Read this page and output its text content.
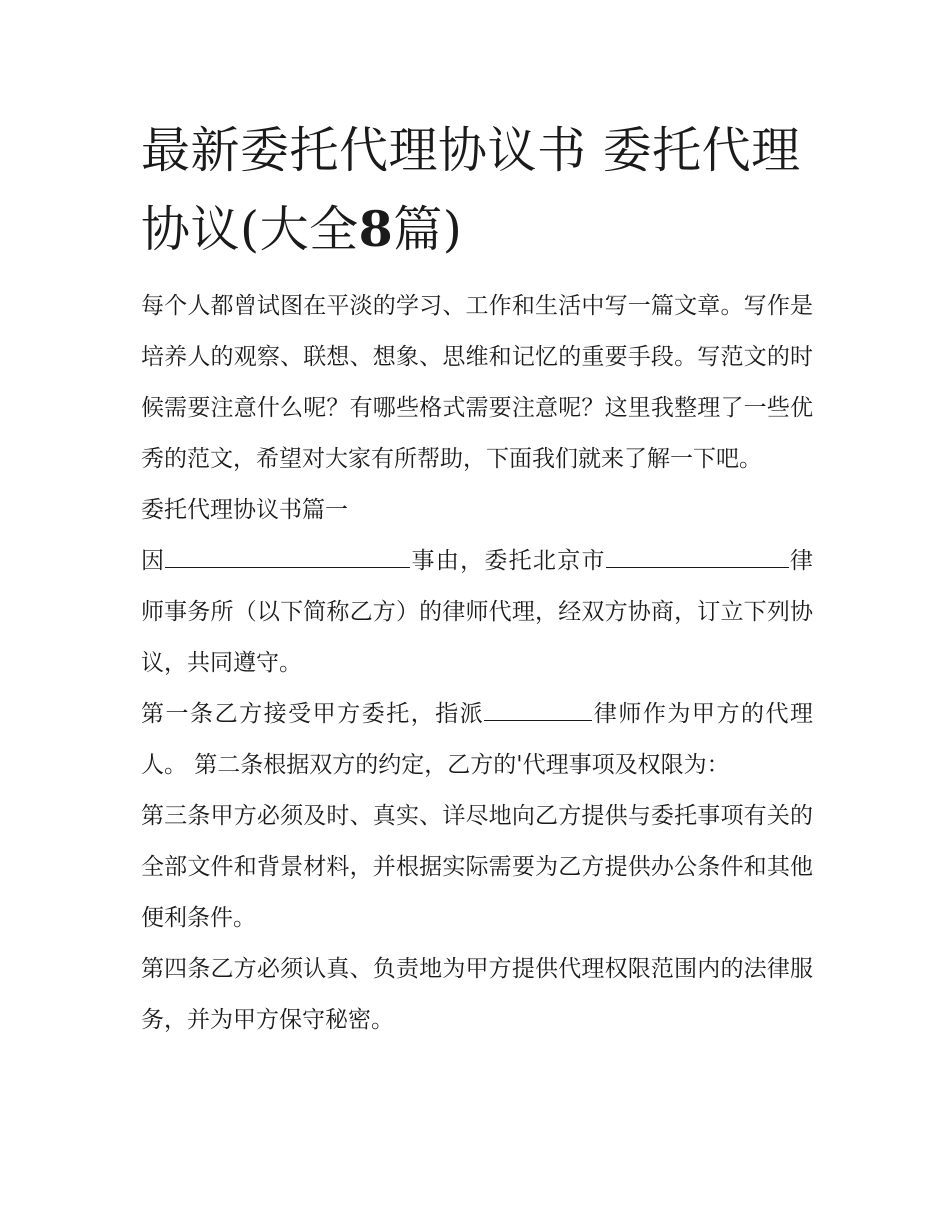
最新委托代理协议书 委托代理协议(大全8篇)

每个人都曾试图在平淡的学习、工作和生活中写一篇文章。写作是培养人的观察、联想、想象、思维和记忆的重要手段。写范文的时候需要注意什么呢？有哪些格式需要注意呢？这里我整理了一些优秀的范文，希望对大家有所帮助，下面我们就来了解一下吧。

委托代理协议书篇一

因	事由，委托北京市	律师事务所（以下简称乙方）的律师代理，经双方协商，订立下列协议，共同遵守。

第一条乙方接受甲方委托，指派	律师作为甲方的代理人。 第二条根据双方的约定，乙方的'代理事项及权限为：

第三条甲方必须及时、真实、详尽地向乙方提供与委托事项有关的全部文件和背景材料，并根据实际需要为乙方提供办公条件和其他便利条件。

第四条乙方必须认真、负责地为甲方提供代理权限范围内的法律服务，并为甲方保守秘密。
